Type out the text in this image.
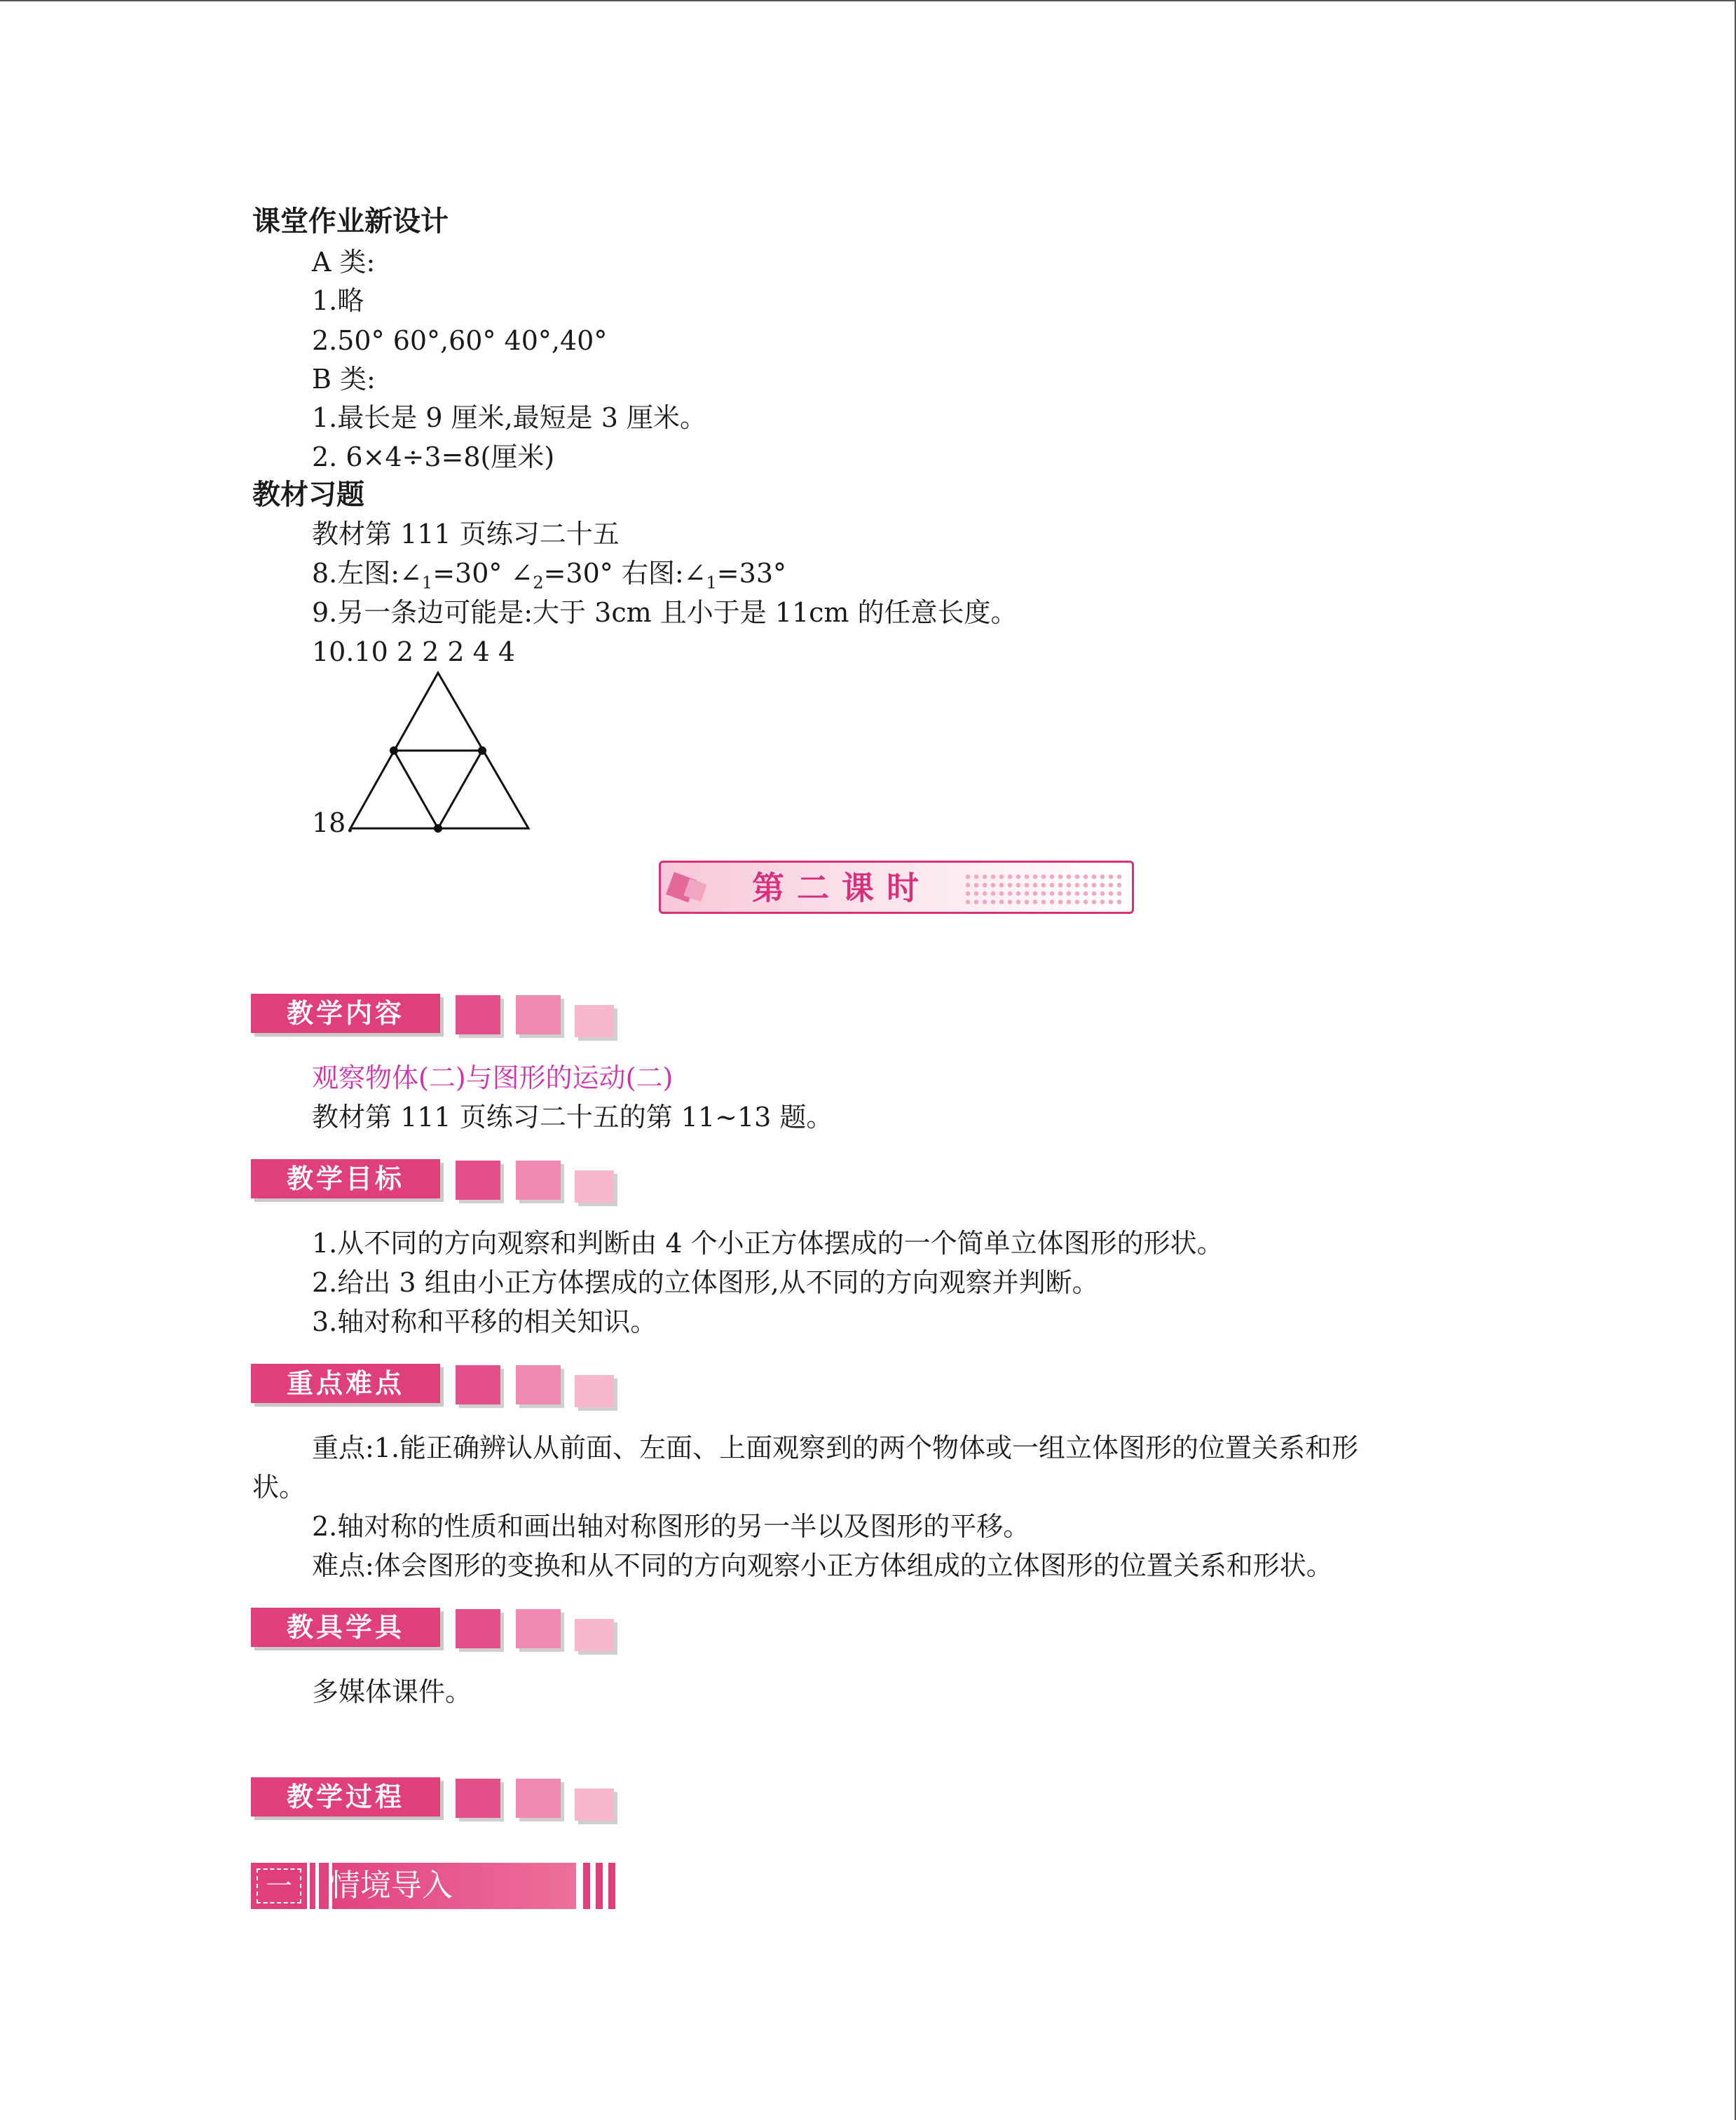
课堂作业新设计
A 类:
1.略
2.50° 60°,60° 40°,40°
B 类:
1.最长是 9 厘米,最短是 3 厘米。
2. 6×4÷3=8(厘米)
教材习题
教材第 111 页练习二十五
8.左图$:\angle_1=30^\circ$ $\angle_2=30^\circ$ 右图$:\angle_1=33^\circ$
9.另一条边可能是:大于 3cm 且小于是 11cm 的任意长度。
10.10 2 2 2 4 4
18.
第二课时
教学内容
观察物体(二)与图形的运动(二)
教材第 111 页练习二十五的第 11~13 题。
教学目标
1.从不同的方向观察和判断由 4 个小正方体摆成的一个简单立体图形的形状。
2.给出 3 组由小正方体摆成的立体图形,从不同的方向观察并判断。
3.轴对称和平移的相关知识。
重点难点
重点:1.能正确辨认从前面、左面、上面观察到的两个物体或一组立体图形的位置关系和形
状。
2.轴对称的性质和画出轴对称图形的另一半以及图形的平移。
难点:体会图形的变换和从不同的方向观察小正方体组成的立体图形的位置关系和形状。
教具学具
多媒体课件。
教学过程
一 情境导入
